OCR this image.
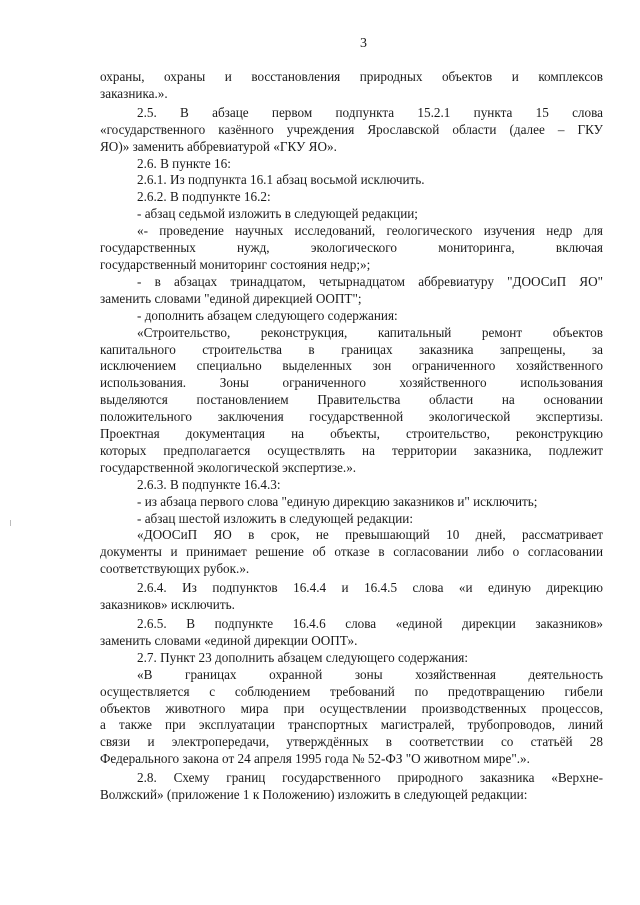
3

охраны, охраны и восстановления природных объектов и комплексов

заказника.».

2.5. В абзаце первом подпункта 15.2.1 пункта 15 слова

«государственного казённого учреждения Ярославской области (далее – ГКУ

ЯО)» заменить аббревиатурой «ГКУ ЯО».

2.6. В пункте 16:

2.6.1. Из подпункта 16.1 абзац восьмой исключить.

2.6.2. В подпункте 16.2:

- абзац седьмой изложить в следующей редакции;

«- проведение научных исследований, геологического изучения недр для

государственных нужд, экологического мониторинга, включая

государственный мониторинг состояния недр;»;

- в абзацах тринадцатом, четырнадцатом аббревиатуру "ДООСиП ЯО"

заменить словами "единой дирекцией ООПТ";

- дополнить абзацем следующего содержания:

«Строительство, реконструкция, капитальный ремонт объектов

капитального строительства в границах заказника запрещены, за

исключением специально выделенных зон ограниченного хозяйственного

использования. Зоны ограниченного хозяйственного использования

выделяются постановлением Правительства области на основании

положительного заключения государственной экологической экспертизы.

Проектная документация на объекты, строительство, реконструкцию

которых предполагается осуществлять на территории заказника, подлежит

государственной экологической экспертизе.».

2.6.3. В подпункте 16.4.3:

- из абзаца первого слова "единую дирекцию заказников и" исключить;

- абзац шестой изложить в следующей редакции:

«ДООСиП ЯО в срок, не превышающий 10 дней, рассматривает

документы и принимает решение об отказе в согласовании либо о согласовании

соответствующих рубок.».

2.6.4. Из подпунктов 16.4.4 и 16.4.5 слова «и единую дирекцию

заказников» исключить.

2.6.5. В подпункте 16.4.6 слова «единой дирекции заказников»

заменить словами «единой дирекции ООПТ».

2.7. Пункт 23 дополнить абзацем следующего содержания:

«В границах охранной зоны хозяйственная деятельность

осуществляется с соблюдением требований по предотвращению гибели

объектов животного мира при осуществлении производственных процессов,

а также при эксплуатации транспортных магистралей, трубопроводов, линий

связи и электропередачи, утверждённых в соответствии со статьёй 28

Федерального закона от 24 апреля 1995 года № 52-ФЗ "О животном мире".».

2.8. Схему границ государственного природного заказника «Верхне-

Волжский» (приложение 1 к Положению) изложить в следующей редакции:
